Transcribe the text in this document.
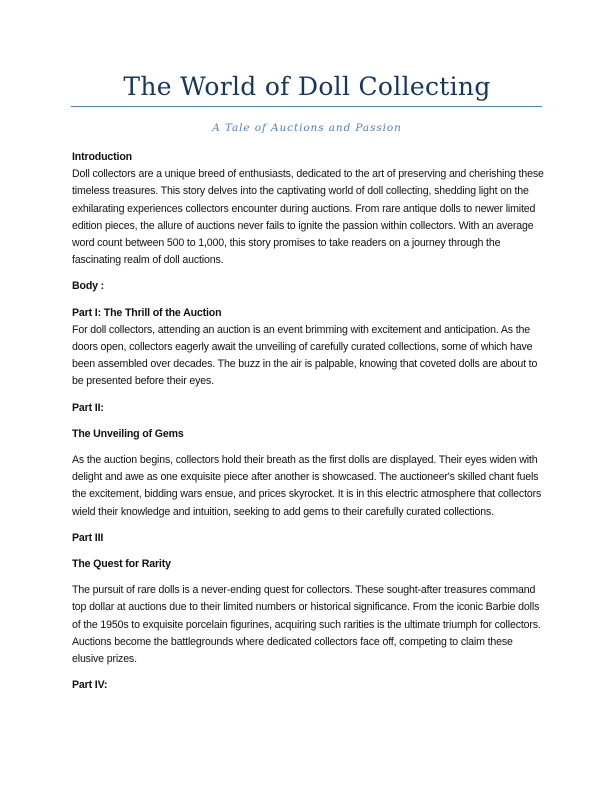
The World of Doll Collecting
A Tale of Auctions and Passion

Introduction

Doll collectors are a unique breed of enthusiasts, dedicated to the art of preserving and cherishing these timeless treasures. This story delves into the captivating world of doll collecting, shedding light on the exhilarating experiences collectors encounter during auctions. From rare antique dolls to newer limited edition pieces, the allure of auctions never fails to ignite the passion within collectors. With an average word count between 500 to 1,000, this story promises to take readers on a journey through the fascinating realm of doll auctions.

Body :

Part I: The Thrill of the Auction

For doll collectors, attending an auction is an event brimming with excitement and anticipation. As the doors open, collectors eagerly await the unveiling of carefully curated collections, some of which have been assembled over decades. The buzz in the air is palpable, knowing that coveted dolls are about to be presented before their eyes.

Part II:

The Unveiling of Gems

As the auction begins, collectors hold their breath as the first dolls are displayed. Their eyes widen with delight and awe as one exquisite piece after another is showcased. The auctioneer's skilled chant fuels the excitement, bidding wars ensue, and prices skyrocket. It is in this electric atmosphere that collectors wield their knowledge and intuition, seeking to add gems to their carefully curated collections.

Part III

The Quest for Rarity

The pursuit of rare dolls is a never-ending quest for collectors. These sought-after treasures command top dollar at auctions due to their limited numbers or historical significance. From the iconic Barbie dolls of the 1950s to exquisite porcelain figurines, acquiring such rarities is the ultimate triumph for collectors. Auctions become the battlegrounds where dedicated collectors face off, competing to claim these elusive prizes.

Part IV:
